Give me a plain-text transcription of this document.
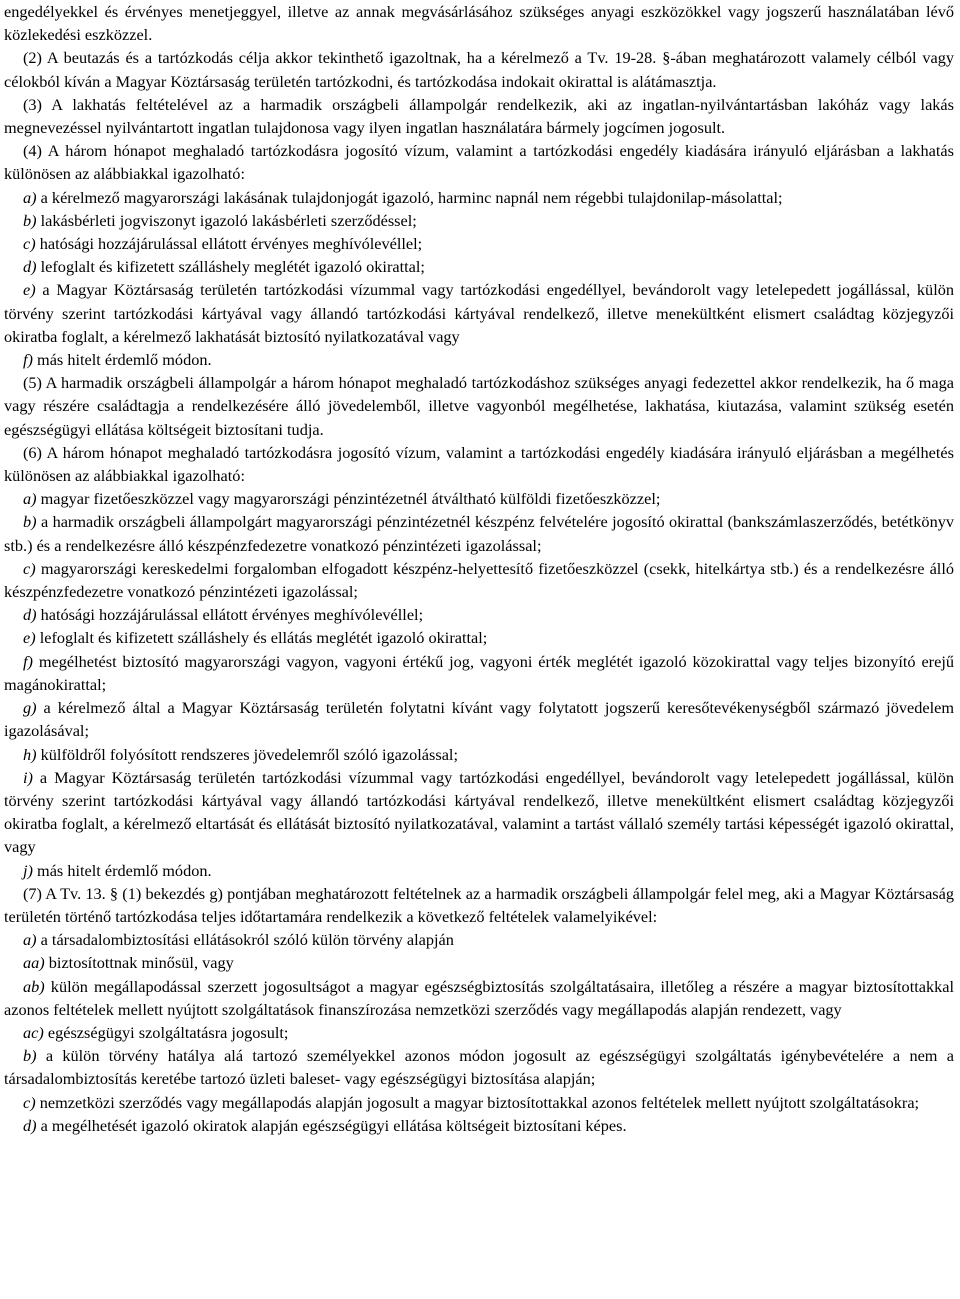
engedélyekkel és érvényes menetjeggyel, illetve az annak megvásárlásához szükséges anyagi eszközökkel vagy jogszerű használatában lévő közlekedési eszközzel.

(2) A beutazás és a tartózkodás célja akkor tekinthető igazoltnak, ha a kérelmező a Tv. 19-28. §-ában meghatározott valamely célból vagy célokból kíván a Magyar Köztársaság területén tartózkodni, és tartózkodása indokait okirattal is alátámasztja.

(3) A lakhatás feltételével az a harmadik országbeli állampolgár rendelkezik, aki az ingatlan-nyilvántartásban lakóház vagy lakás megnevezéssel nyilvántartott ingatlan tulajdonosa vagy ilyen ingatlan használatára bármely jogcímen jogosult.

(4) A három hónapot meghaladó tartózkodásra jogosító vízum, valamint a tartózkodási engedély kiadására irányuló eljárásban a lakhatás különösen az alábbiakkal igazolható:

a) a kérelmező magyarországi lakásának tulajdonjogát igazoló, harminc napnál nem régebbi tulajdonilap-másolattal;

b) lakásbérleti jogviszonyt igazoló lakásbérleti szerződéssel;

c) hatósági hozzájárulással ellátott érvényes meghívólevéllel;

d) lefoglalt és kifizetett szálláshely meglétét igazoló okirattal;

e) a Magyar Köztársaság területén tartózkodási vízummal vagy tartózkodási engedéllyel, bevándorolt vagy letelepedett jogállással, külön törvény szerint tartózkodási kártyával vagy állandó tartózkodási kártyával rendelkező, illetve menekültként elismert családtag közjegyzői okiratba foglalt, a kérelmező lakhatását biztosító nyilatkozatával vagy

f) más hitelt érdemlő módon.

(5) A harmadik országbeli állampolgár a három hónapot meghaladó tartózkodáshoz szükséges anyagi fedezettel akkor rendelkezik, ha ő maga vagy részére családtagja a rendelkezésére álló jövedelemből, illetve vagyonból megélhetése, lakhatása, kiutazása, valamint szükség esetén egészségügyi ellátása költségeit biztosítani tudja.

(6) A három hónapot meghaladó tartózkodásra jogosító vízum, valamint a tartózkodási engedély kiadására irányuló eljárásban a megélhetés különösen az alábbiakkal igazolható:

a) magyar fizetőeszközzel vagy magyarországi pénzintézetnél átváltható külföldi fizetőeszközzel;

b) a harmadik országbeli állampolgárt magyarországi pénzintézetnél készpénz felvételére jogosító okirattal (bankszámlaszerződés, betétkönyv stb.) és a rendelkezésre álló készpénzfedezetre vonatkozó pénzintézeti igazolással;

c) magyarországi kereskedelmi forgalomban elfogadott készpénz-helyettesítő fizetőeszközzel (csekk, hitelkártya stb.) és a rendelkezésre álló készpénzfedezetre vonatkozó pénzintézeti igazolással;

d) hatósági hozzájárulással ellátott érvényes meghívólevéllel;

e) lefoglalt és kifizetett szálláshely és ellátás meglétét igazoló okirattal;

f) megélhetést biztosító magyarországi vagyon, vagyoni értékű jog, vagyoni érték meglétét igazoló közokirattal vagy teljes bizonyító erejű magánokirattal;

g) a kérelmező által a Magyar Köztársaság területén folytatni kívánt vagy folytatott jogszerű keresőtevékenységből származó jövedelem igazolásával;

h) külföldről folyósított rendszeres jövedelemről szóló igazolással;

i) a Magyar Köztársaság területén tartózkodási vízummal vagy tartózkodási engedéllyel, bevándorolt vagy letelepedett jogállással, külön törvény szerint tartózkodási kártyával vagy állandó tartózkodási kártyával rendelkező, illetve menekültként elismert családtag közjegyzői okiratba foglalt, a kérelmező eltartását és ellátását biztosító nyilatkozatával, valamint a tartást vállaló személy tartási képességét igazoló okirattal, vagy

j) más hitelt érdemlő módon.

(7) A Tv. 13. § (1) bekezdés g) pontjában meghatározott feltételnek az a harmadik országbeli állampolgár felel meg, aki a Magyar Köztársaság területén történő tartózkodása teljes időtartamára rendelkezik a következő feltételek valamelyikével:

a) a társadalombiztosítási ellátásokról szóló külön törvény alapján

aa) biztosítottnak minősül, vagy

ab) külön megállapodással szerzett jogosultságot a magyar egészségbiztosítás szolgáltatásaira, illetőleg a részére a magyar biztosítottakkal azonos feltételek mellett nyújtott szolgáltatások finanszírozása nemzetközi szerződés vagy megállapodás alapján rendezett, vagy

ac) egészségügyi szolgáltatásra jogosult;

b) a külön törvény hatálya alá tartozó személyekkel azonos módon jogosult az egészségügyi szolgáltatás igénybevételére a nem a társadalombiztosítás keretébe tartozó üzleti baleset- vagy egészségügyi biztosítása alapján;

c) nemzetközi szerződés vagy megállapodás alapján jogosult a magyar biztosítottakkal azonos feltételek mellett nyújtott szolgáltatásokra;

d) a megélhetését igazoló okiratok alapján egészségügyi ellátása költségeit biztosítani képes.
